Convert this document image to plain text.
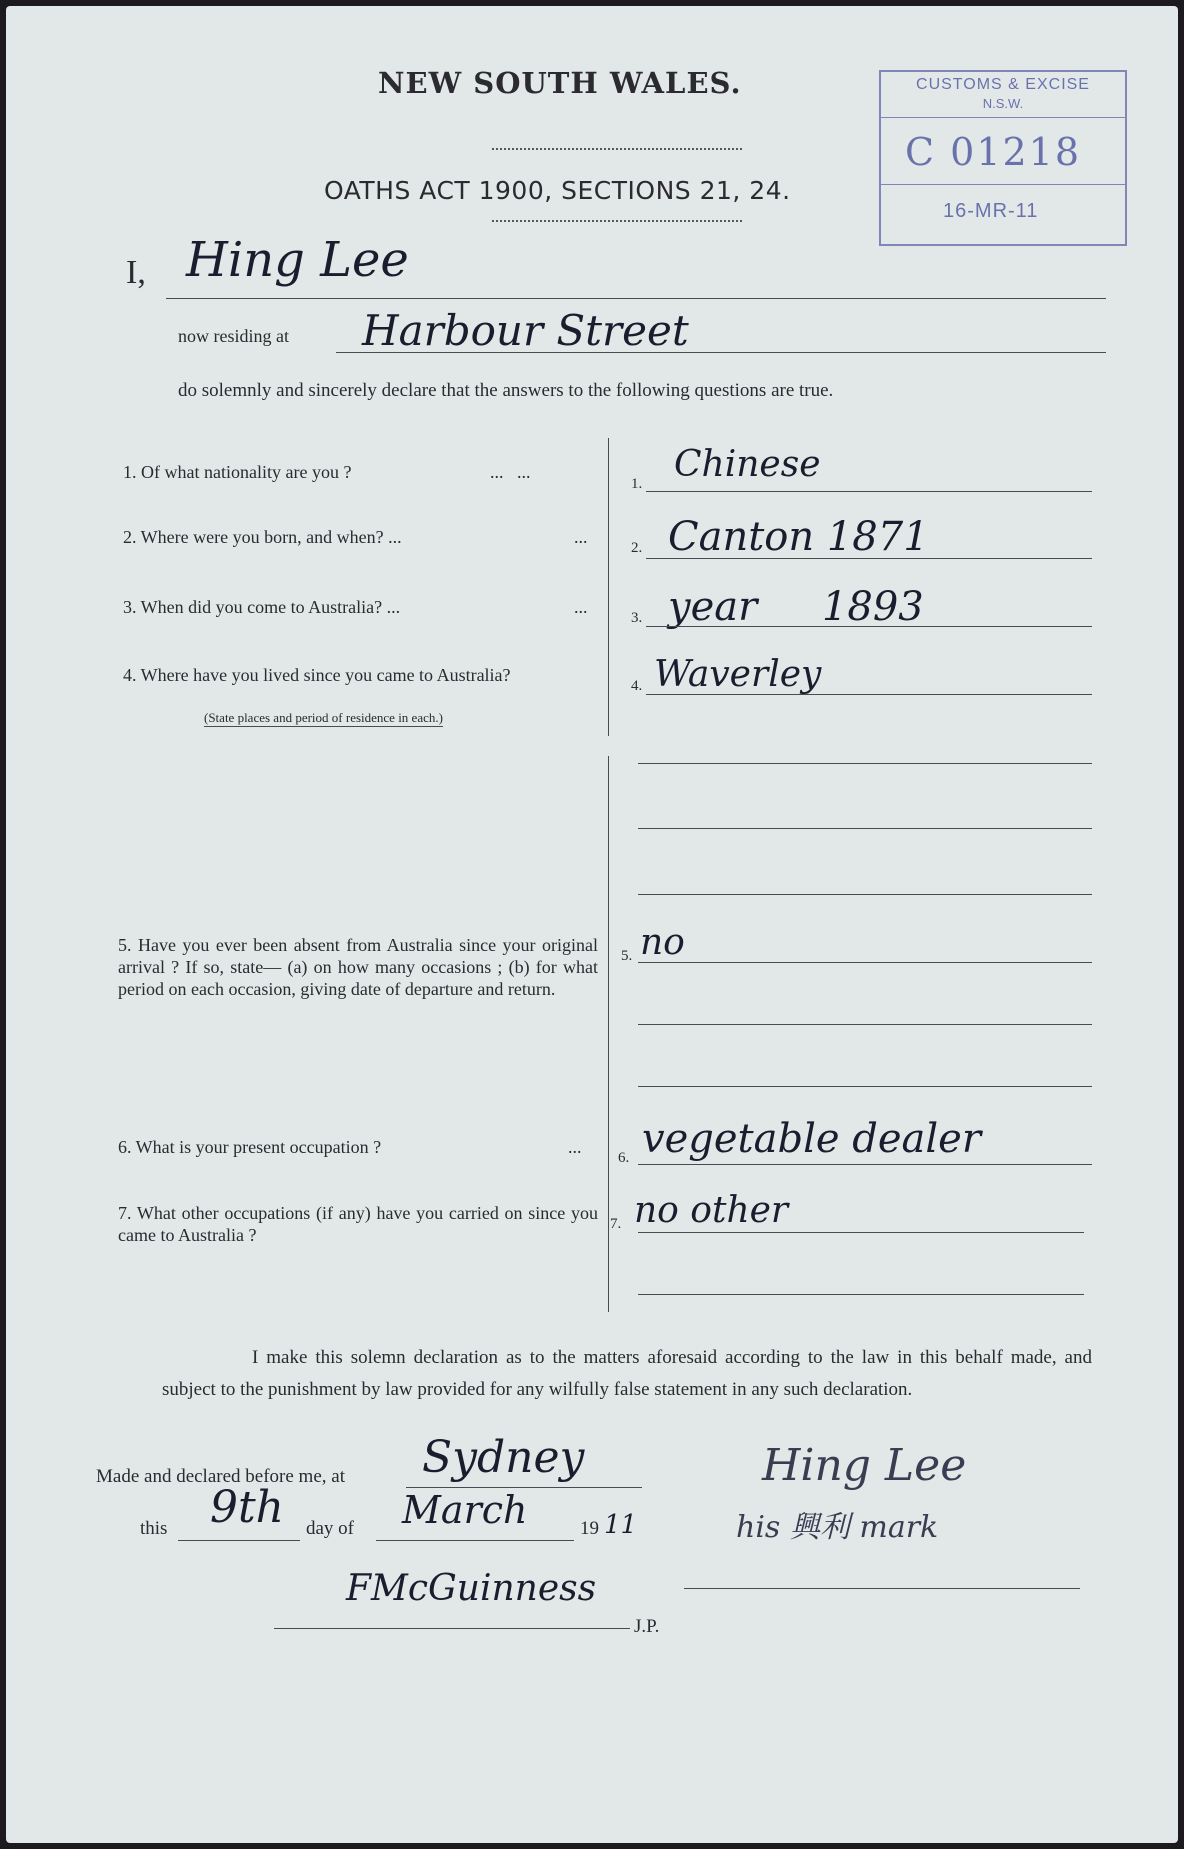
NEW SOUTH WALES.
OATHS ACT 1900, SECTIONS 21, 24.
CUSTOMS & EXCISE
N.S.W.
C 01218
16-MR-11
I, Hing Lee
now residing at Harbour Street
do solemnly and sincerely declare that the answers to the following questions are true.
1. Of what nationality are you ?	...   ...
1. Chinese
2. Where were you born, and when? ...	...
2. Canton 1871
3. When did you come to Australia? ...	...
3. year 1893
4. Where have you lived since you came to Australia?
(State places and period of residence in each.)
4. Waverley
5. Have you ever been absent from Australia since your original arrival ? If so, state— (a) on how many occasions ; (b) for what period on each occasion, giving date of departure and return.
5. no
6. What is your present occupation ?	...
6. vegetable dealer
7. What other occupations (if any) have you carried on since you came to Australia ?
7. no other
I make this solemn declaration as to the matters aforesaid according to the law in this behalf made, and subject to the punishment by law provided for any wilfully false statement in any such declaration.
Made and declared before me, at Sydney
this 9th day of March	19 11
FMcGuinness
J.P.
Hing Lee
his 興利 mark
